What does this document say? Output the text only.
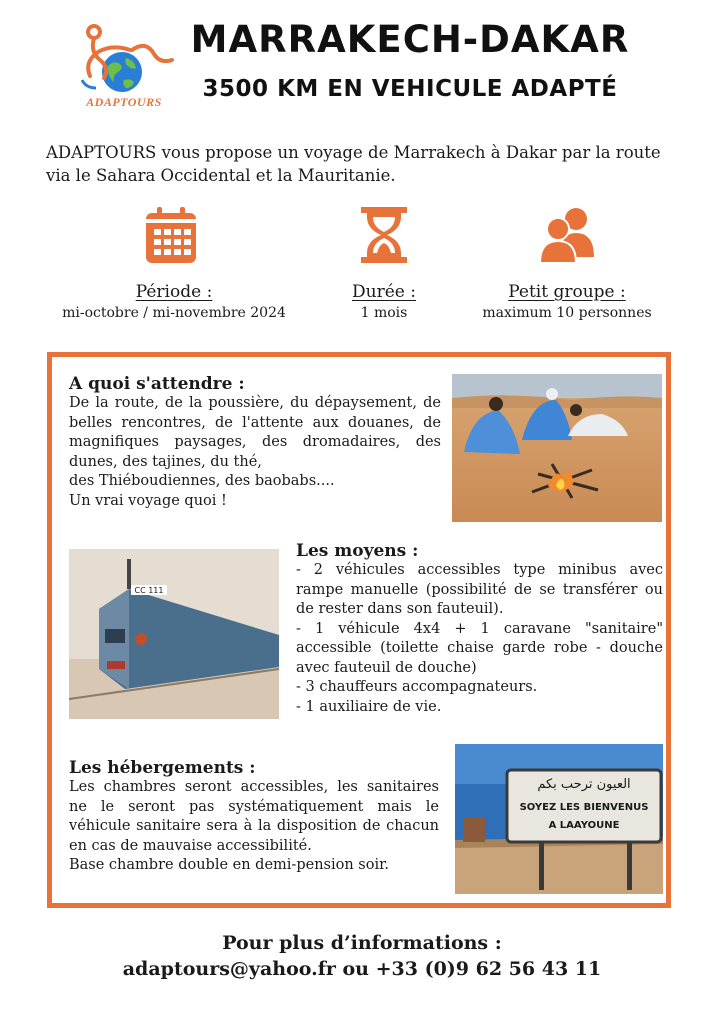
ADAPTOURS
MARRAKECH-DAKAR
3500 KM EN VEHICULE ADAPTÉ
ADAPTOURS vous propose un voyage de Marrakech à Dakar par la route via le Sahara Occidental et la Mauritanie.
Période :
mi-octobre / mi-novembre 2024
Durée :
1 mois
Petit groupe :
maximum 10 personnes
A quoi s'attendre :
De la route, de la poussière, du dépaysement, de belles rencontres, de l'attente aux douanes, de magnifiques paysages, des dromadaires, des dunes, des tajines, du thé,
des Thiéboudiennes, des baobabs....
Un vrai voyage quoi !
CC 111
Les moyens :
- 2 véhicules accessibles type minibus avec rampe manuelle (possibilité de se transférer ou de rester dans son fauteuil).
- 1 véhicule 4x4 + 1 caravane "sanitaire" accessible (toilette chaise garde robe - douche avec fauteuil de douche)
- 3 chauffeurs accompagnateurs.
- 1 auxiliaire de vie.
Les hébergements :
Les chambres seront accessibles, les sanitaires ne le seront pas systématiquement mais le véhicule sanitaire sera à la disposition de chacun en cas de mauvaise accessibilité.
Base chambre double en demi-pension soir.
العيون ترحب بكم
SOYEZ LES BIENVENUS
A LAAYOUNE
Pour plus d’informations :
adaptours@yahoo.fr ou +33 (0)9 62 56 43 11
